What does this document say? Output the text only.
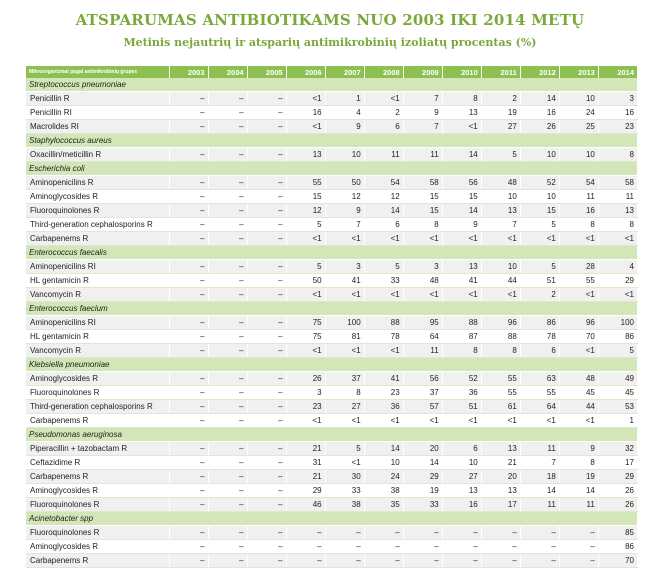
ATSPARUMAS ANTIBIOTIKAMS NUO 2003 IKI 2014 METŲ
Metinis nejautrių ir atsparių antimikrobinių izoliatų procentas (%)
Mikroorganizmai pagal antimikrobinių grupes	2003	2004	2005	2006	2007	2008	2009	2010	2011	2012	2013	2014
Streptococcus pneumoniae												
Penicillin R	–	–	–	<1	1	<1	7	8	2	14	10	3
Penicillin RI	–	–	–	16	4	2	9	13	19	16	24	16
Macrolides RI	–	–	–	<1	9	6	7	<1	27	26	25	23
Staphylococcus aureus												
Oxacillin/meticillin R	–	–	–	13	10	11	11	14	5	10	10	8
Escherichia coli												
Aminopenicilins R	–	–	–	55	50	54	58	56	48	52	54	58
Aminoglycosides R	–	–	–	15	12	12	15	15	10	10	11	11
Fluoroquinolones R	–	–	–	12	9	14	15	14	13	15	16	13
Third-generation cephalosporins R	–	–	–	5	7	6	8	9	7	5	8	8
Carbapenems R	–	–	–	<1	<1	<1	<1	<1	<1	<1	<1	<1
Enterococcus faecalis												
Aminopenicilins RI	–	–	–	5	3	5	3	13	10	5	28	4
HL gentamicin R	–	–	–	50	41	33	48	41	44	51	55	29
Vancomycin R	–	–	–	<1	<1	<1	<1	<1	<1	2	<1	<1
Enterococcus faecium												
Aminopenicilins RI	–	–	–	75	100	88	95	88	96	86	96	100
HL gentamicin R	–	–	–	75	81	78	64	87	88	78	70	86
Vancomycin R	–	–	–	<1	<1	<1	11	8	8	6	<1	5
Klebsiella pneumoniae												
Aminoglycosides R	–	–	–	26	37	41	56	52	55	63	48	49
Fluoroquinolones R	–	–	–	3	8	23	37	36	55	55	45	45
Third-generation cephalosporins R	–	–	–	23	27	36	57	51	61	64	44	53
Carbapenems R	–	–	–	<1	<1	<1	<1	<1	<1	<1	<1	1
Pseudomonas aeruginosa												
Piperacillin + tazobactam R	–	–	–	21	5	14	20	6	13	11	9	32
Ceftazidime R	–	–	–	31	<1	10	14	10	21	7	8	17
Carbapenems R	–	–	–	21	30	24	29	27	20	18	19	29
Aminoglycosides R	–	–	–	29	33	38	19	13	13	14	14	26
Fluoroquinolones R	–	–	–	46	38	35	33	16	17	11	11	26
Acinetobacter spp												
Fluoroquinolones R	–	–	–	–	–	–	–	–	–	–	–	85
Aminoglycosides R	–	–	–	–	–	–	–	–	–	–	–	86
Carbapenems R	–	–	–	–	–	–	–	–	–	–	–	70
